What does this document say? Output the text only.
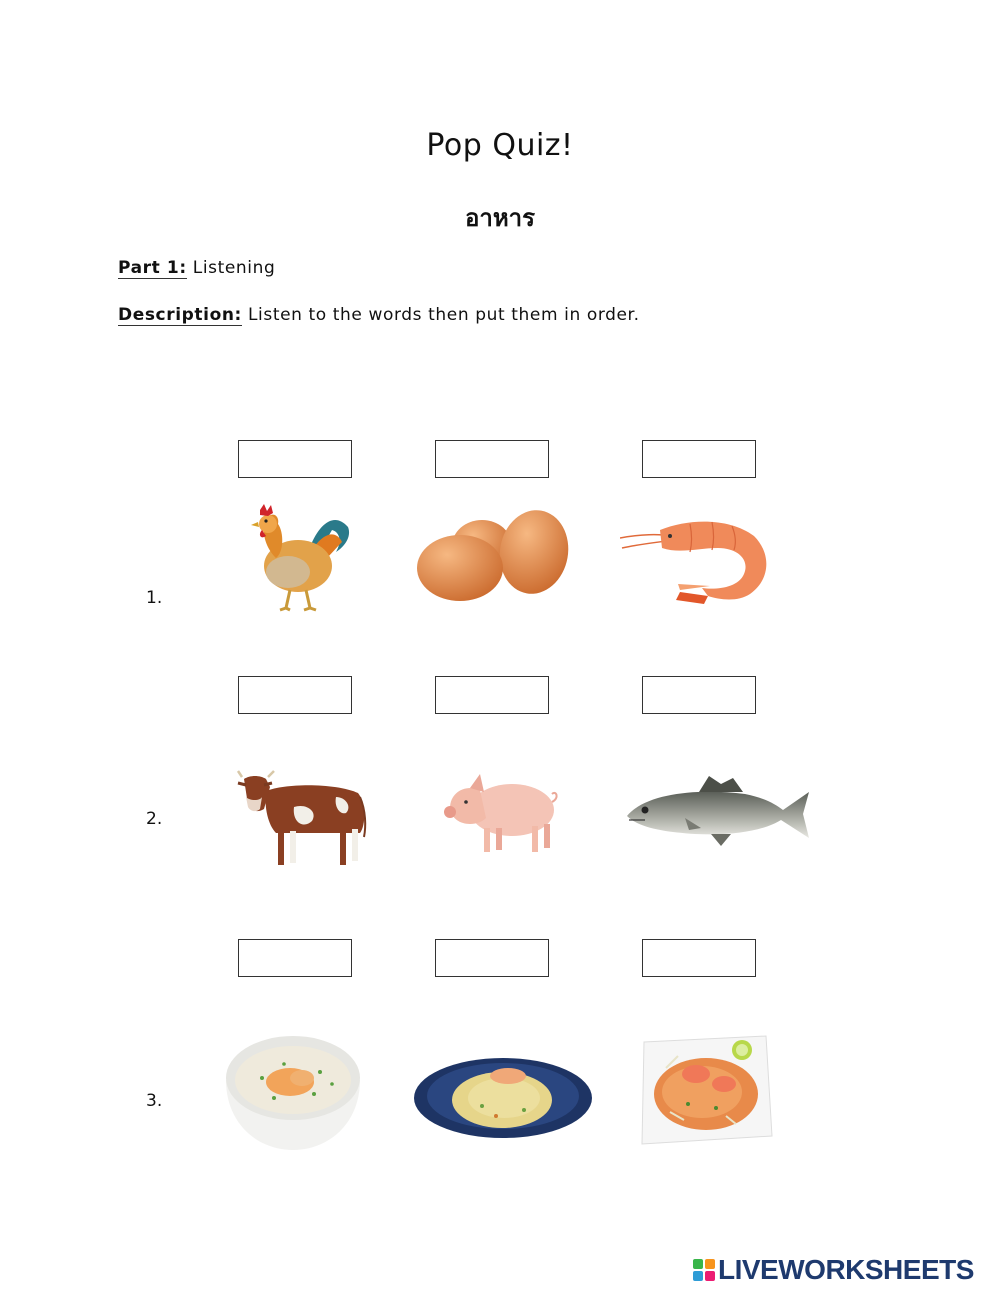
Pop Quiz!
อาหาร
Part 1: Listening
Description: Listen to the words then put them in order.
1.
2.
3.
LIVEWORKSHEETS
